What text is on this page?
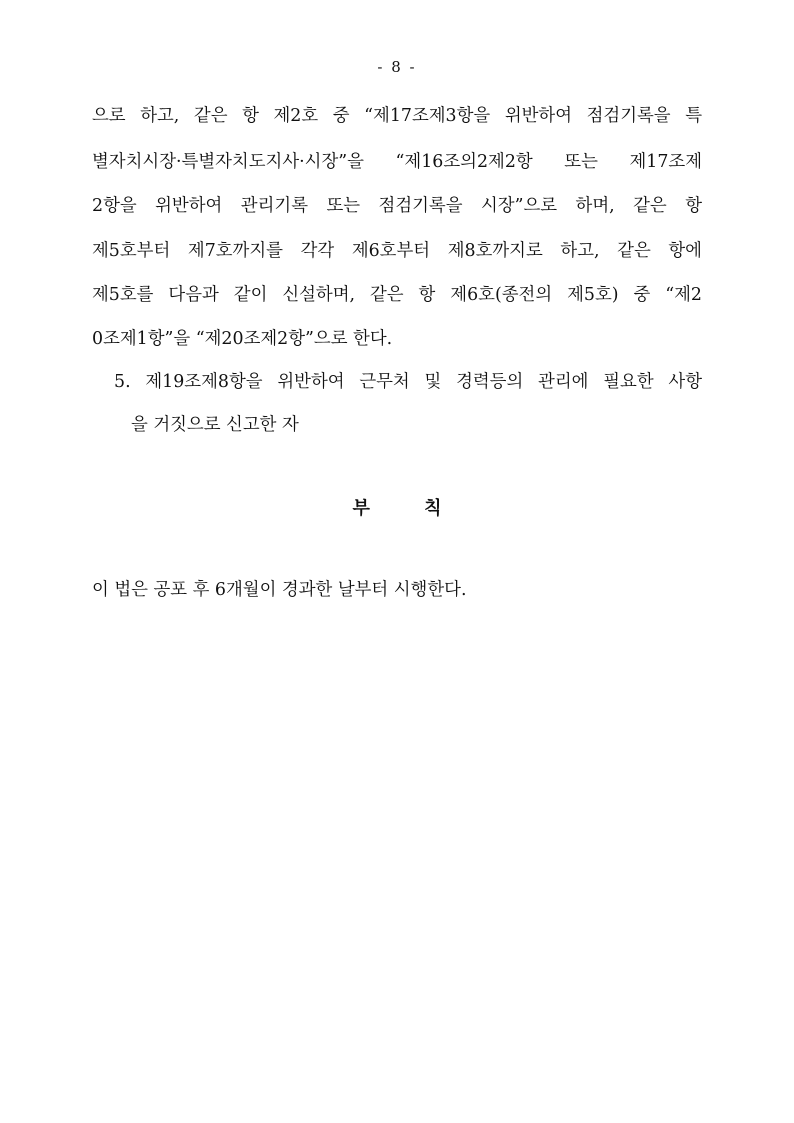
- 8 -
으로 하고, 같은 항 제2호 중 “제17조제3항을 위반하여 점검기록을 특
별자치시장·특별자치도지사·시장”을 “제16조의2제2항 또는 제17조제
2항을 위반하여 관리기록 또는 점검기록을 시장”으로 하며, 같은 항
제5호부터 제7호까지를 각각 제6호부터 제8호까지로 하고, 같은 항에
제5호를 다음과 같이 신설하며, 같은 항 제6호(종전의 제5호) 중 “제2
0조제1항”을 “제20조제2항”으로 한다.
5. 제19조제8항을 위반하여 근무처 및 경력등의 관리에 필요한 사항
을 거짓으로 신고한 자
부 칙
이 법은 공포 후 6개월이 경과한 날부터 시행한다.
